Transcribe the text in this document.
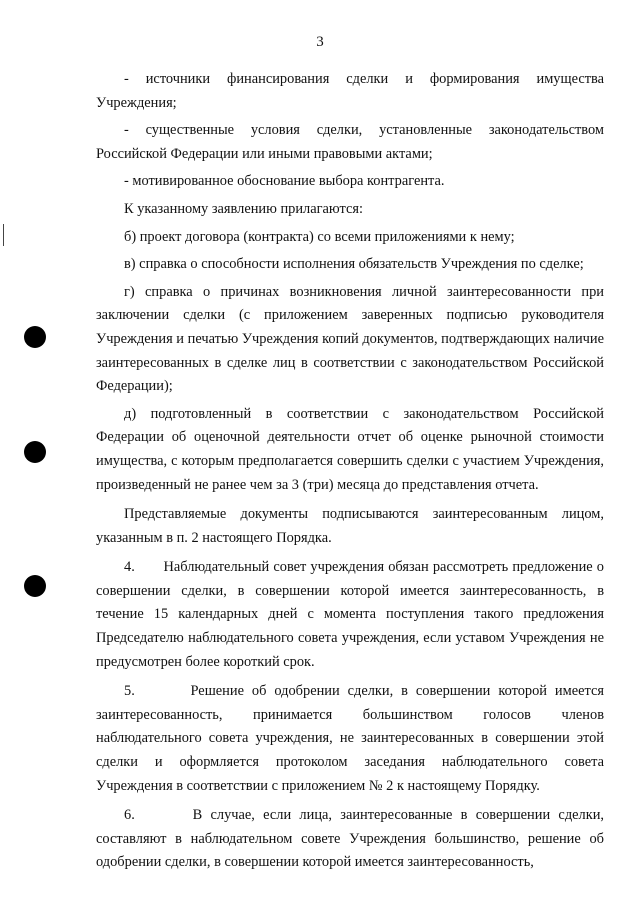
3

- источники финансирования сделки и формирования имущества Учреждения;

- существенные условия сделки, установленные законодательством Российской Федерации или иными правовыми актами;

- мотивированное обоснование выбора контрагента.

К указанному заявлению прилагаются:

б) проект договора (контракта) со всеми приложениями к нему;

в) справка о способности исполнения обязательств Учреждения по сделке;

г) справка о причинах возникновения личной заинтересованности при заключении сделки (с приложением заверенных подписью руководителя Учреждения и печатью Учреждения копий документов, подтверждающих наличие заинтересованных в сделке лиц в соответствии с законодательством Российской Федерации);

д) подготовленный в соответствии с законодательством Российской Федерации об оценочной деятельности отчет об оценке рыночной стоимости имущества, с которым предполагается совершить сделки с участием Учреждения, произведенный не ранее чем за 3 (три) месяца до представления отчета.

Представляемые документы подписываются заинтересованным лицом, указанным в п. 2 настоящего Порядка.

4.       Наблюдательный совет учреждения обязан рассмотреть предложение о совершении сделки, в совершении которой имеется заинтересованность, в течение 15 календарных дней с момента поступления такого предложения Председателю наблюдательного совета учреждения, если уставом Учреждения не предусмотрен более короткий срок.

5.       Решение об одобрении сделки, в совершении которой имеется заинтересованность, принимается большинством голосов членов наблюдательного совета учреждения, не заинтересованных в совершении этой сделки и оформляется протоколом заседания наблюдательного совета Учреждения в соответствии с приложением № 2 к настоящему Порядку.

6.       В случае, если лица, заинтересованные в совершении сделки, составляют в наблюдательном совете Учреждения большинство, решение об одобрении сделки, в совершении которой имеется заинтересованность,
